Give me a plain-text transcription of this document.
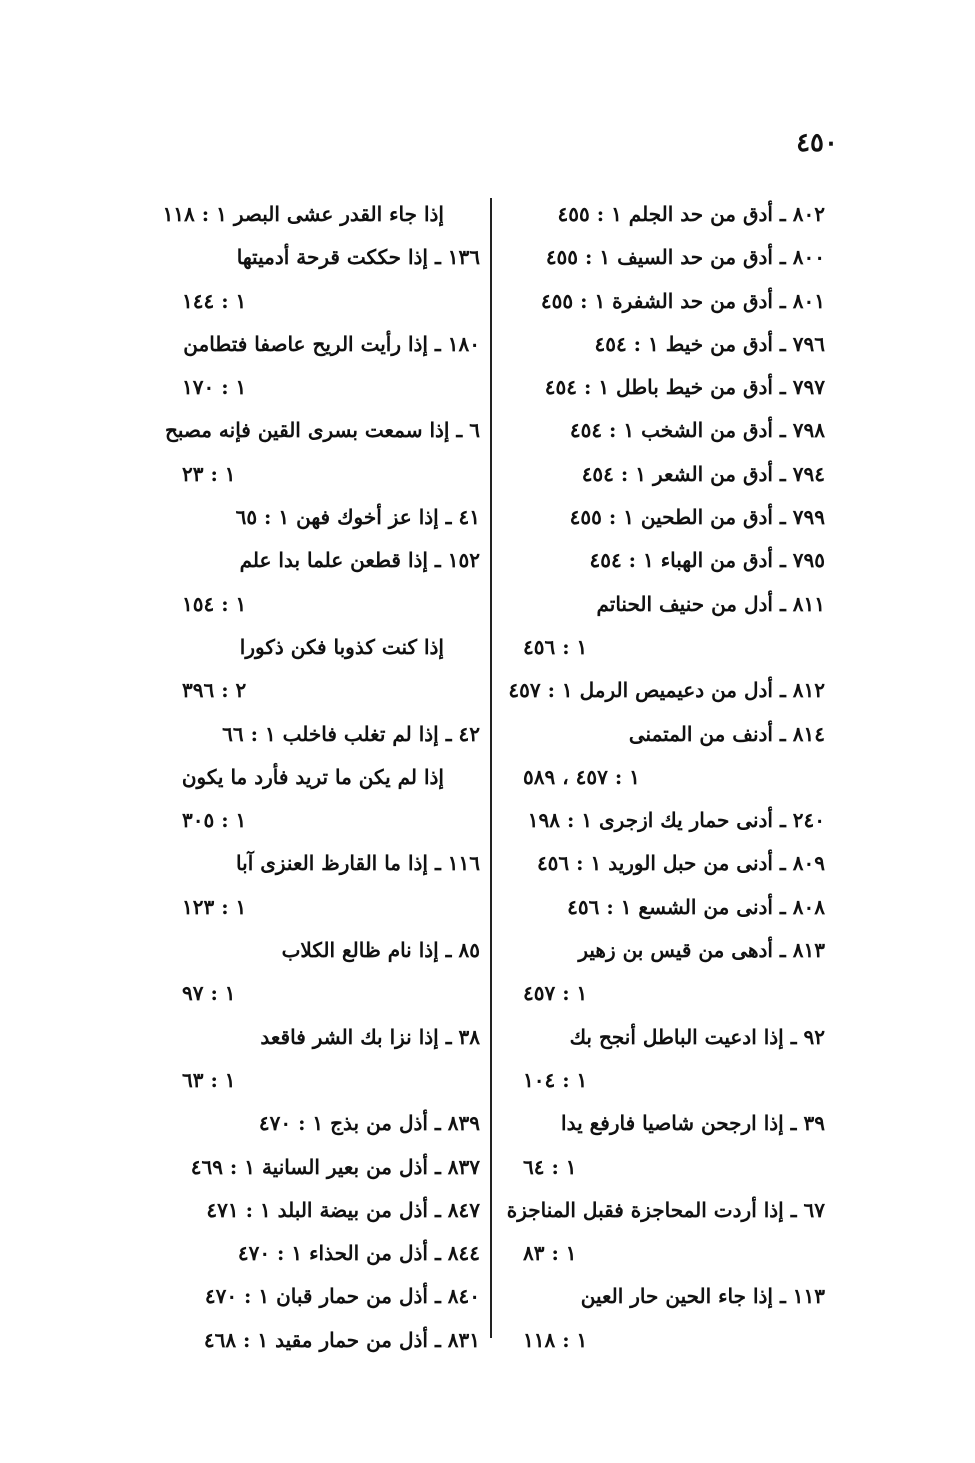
٤٥٠
٨٠٢ ـ أدق من حد الجلم ١ : ٤٥٥
٨٠٠ ـ أدق من حد السيف ١ : ٤٥٥
٨٠١ ـ أدق من حد الشفرة ١ : ٤٥٥
٧٩٦ ـ أدق من خيط ١ : ٤٥٤
٧٩٧ ـ أدق من خيط باطل ١ : ٤٥٤
٧٩٨ ـ أدق من الشخب ١ : ٤٥٤
٧٩٤ ـ أدق من الشعر ١ : ٤٥٤
٧٩٩ ـ أدق من الطحين ١ : ٤٥٥
٧٩٥ ـ أدق من الهباء ١ : ٤٥٤
٨١١ ـ أدل من حنيف الحناتم
١ : ٤٥٦
٨١٢ ـ أدل من دعيميص الرمل ١ : ٤٥٧
٨١٤ ـ أدنف من المتمنى
١ : ٤٥٧ ، ٥٨٩
٢٤٠ ـ أدنى حمار يك ازجرى ١ : ١٩٨
٨٠٩ ـ أدنى من حبل الوريد ١ : ٤٥٦
٨٠٨ ـ أدنى من الشسع ١ : ٤٥٦
٨١٣ ـ أدهى من قيس بن زهير
١ : ٤٥٧
٩٢ ـ إذا ادعيت الباطل أنجح بك
١ : ١٠٤
٣٩ ـ إذا ارجحن شاصيا فارفع يدا
١ : ٦٤
٦٧ ـ إذا أردت المحاجزة فقبل المناجزة
١ : ٨٣
١١٣ ـ إذا جاء الحين حار العين
١ : ١١٨
إذا جاء القدر عشى البصر ١ : ١١٨
١٣٦ ـ إذا حككت قرحة أدميتها
١ : ١٤٤
١٨٠ ـ إذا رأيت الريح عاصفا فتطامن
١ : ١٧٠
٦ ـ إذا سمعت بسرى القين فإنه مصبح
١ : ٢٣
٤١ ـ إذا عز أخوك فهن ١ : ٦٥
١٥٢ ـ إذا قطعن علما بدا علم
١ : ١٥٤
إذا كنت كذوبا فكن ذكورا
٢ : ٣٩٦
٤٢ ـ إذا لم تغلب فاخلب ١ : ٦٦
إذا لم يكن ما تريد فأرد ما يكون
١ : ٣٠٥
١١٦ ـ إذا ما القارظ العنزى آبا
١ : ١٢٣
٨٥ ـ إذا نام ظالع الكلاب
١ : ٩٧
٣٨ ـ إذا نزا بك الشر فاقعد
١ : ٦٣
٨٣٩ ـ أذل من بذج ١ : ٤٧٠
٨٣٧ ـ أذل من بعير السانية ١ : ٤٦٩
٨٤٧ ـ أذل من بيضة البلد ١ : ٤٧١
٨٤٤ ـ أذل من الحذاء ١ : ٤٧٠
٨٤٠ ـ أذل من حمار قبان ١ : ٤٧٠
٨٣١ ـ أذل من حمار مقيد ١ : ٤٦٨
